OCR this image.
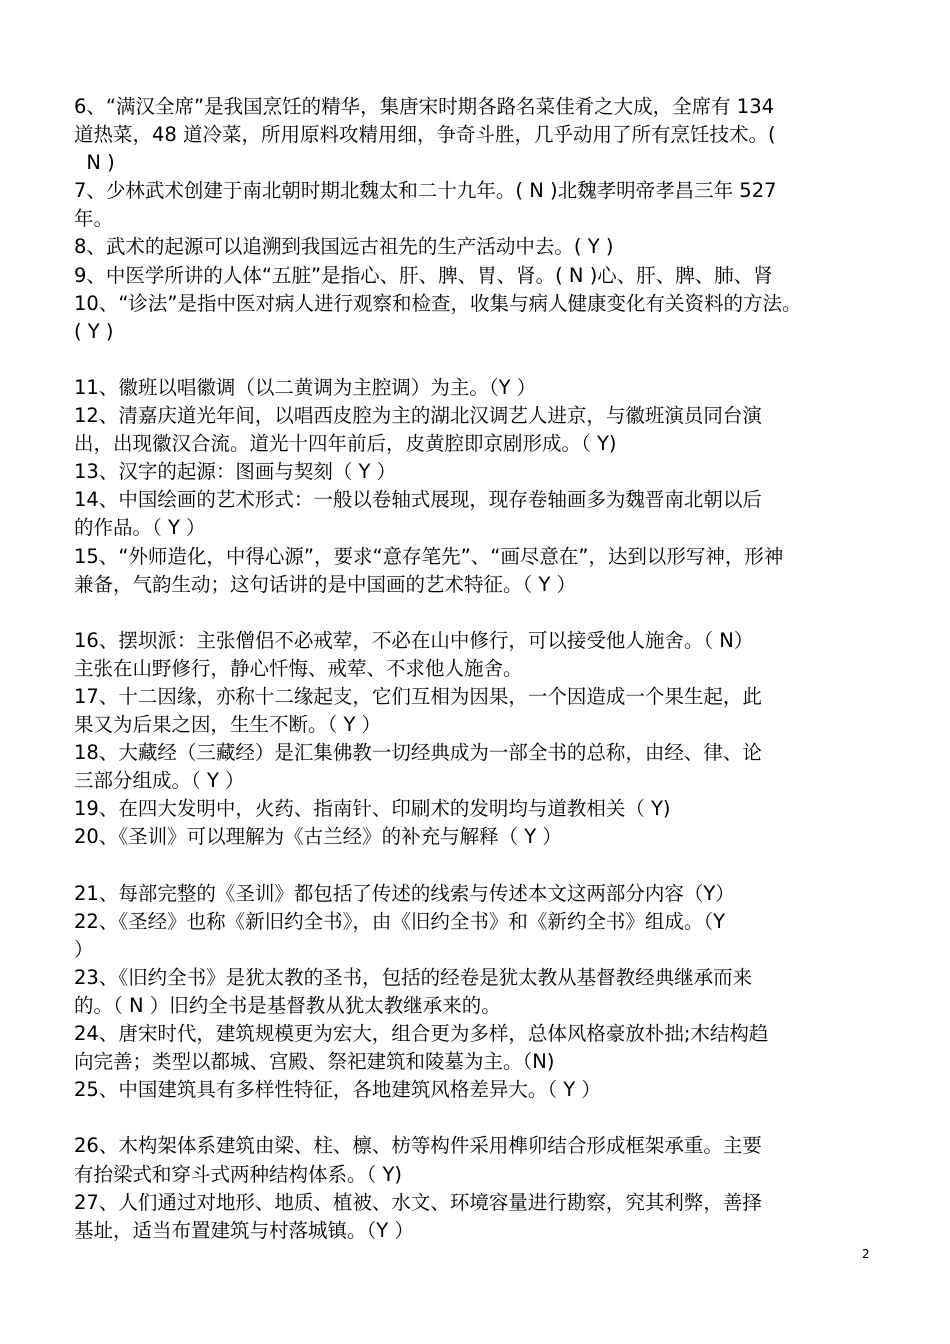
6、“满汉全席”是我国烹饪的精华，集唐宋时期各路名菜佳肴之大成，全席有 134
道热菜，48 道冷菜，所用原料攻精用细，争奇斗胜，几乎动用了所有烹饪技术。(
N )
7、少林武术创建于南北朝时期北魏太和二十九年。( N )北魏孝明帝孝昌三年 527
年。
8、武术的起源可以追溯到我国远古祖先的生产活动中去。( Y )
9、中医学所讲的人体“五脏”是指心、肝、脾、胃、肾。( N )心、肝、脾、肺、肾
10、“诊法”是指中医对病人进行观察和检查，收集与病人健康变化有关资料的方法。
( Y )
11、徽班以唱徽调（以二黄调为主腔调）为主。（Y ）
12、清嘉庆道光年间，以唱西皮腔为主的湖北汉调艺人进京，与徽班演员同台演
出，出现徽汉合流。道光十四年前后，皮黄腔即京剧形成。（ Y)
13、汉字的起源：图画与契刻（ Y ）
14、中国绘画的艺术形式：一般以卷轴式展现，现存卷轴画多为魏晋南北朝以后
的作品。（ Y ）
15、“外师造化，中得心源”，要求“意存笔先”、“画尽意在”，达到以形写神，形神
兼备，气韵生动；这句话讲的是中国画的艺术特征。（ Y ）
16、摆坝派：主张僧侣不必戒荤，不必在山中修行，可以接受他人施舍。（ N）
主张在山野修行，静心忏悔、戒荤、不求他人施舍。
17、十二因缘，亦称十二缘起支，它们互相为因果，一个因造成一个果生起，此
果又为后果之因，生生不断。（ Y ）
18、大藏经（三藏经）是汇集佛教一切经典成为一部全书的总称，由经、律、论
三部分组成。（ Y ）
19、在四大发明中，火药、指南针、印刷术的发明均与道教相关（ Y)
20、《圣训》可以理解为《古兰经》的补充与解释（ Y ）
21、每部完整的《圣训》都包括了传述的线索与传述本文这两部分内容（Y）
22、《圣经》也称《新旧约全书》，由《旧约全书》和《新约全书》组成。（Y
）
23、《旧约全书》是犹太教的圣书，包括的经卷是犹太教从基督教经典继承而来
的。（ N ）旧约全书是基督教从犹太教继承来的。
24、唐宋时代，建筑规模更为宏大，组合更为多样，总体风格豪放朴拙;木结构趋
向完善；类型以都城、宫殿、祭祀建筑和陵墓为主。（N)
25、中国建筑具有多样性特征，各地建筑风格差异大。（ Y ）
26、木构架体系建筑由梁、柱、檩、枋等构件采用榫卯结合形成框架承重。主要
有抬梁式和穿斗式两种结构体系。（ Y)
27、人们通过对地形、地质、植被、水文、环境容量进行勘察，究其利弊，善择
基址，适当布置建筑与村落城镇。（Y ）
2
